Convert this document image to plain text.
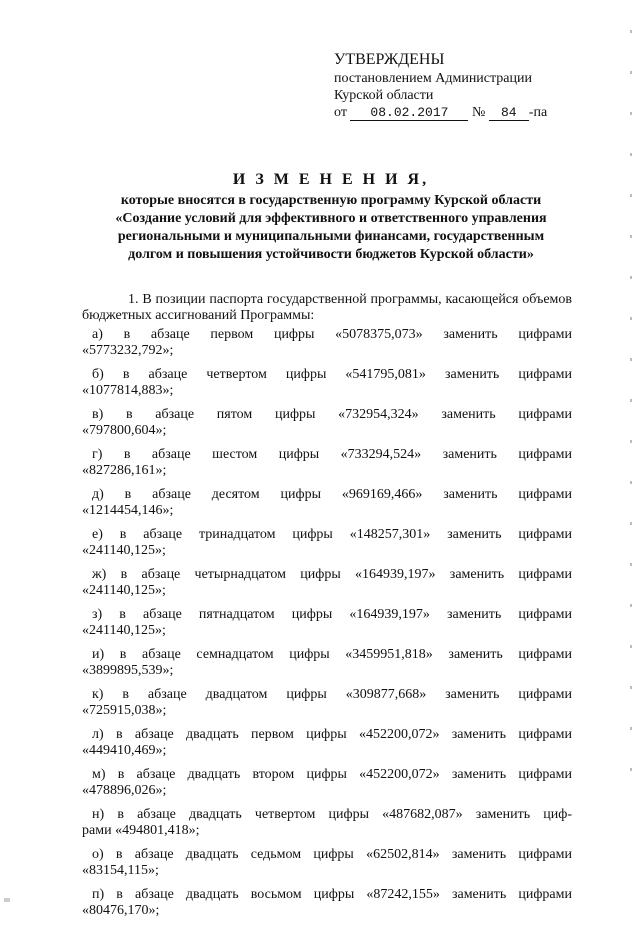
УТВЕРЖДЕНЫ
постановлением Администрации
Курской области
от 08.02.2017 № 84 -па
И З М Е Н Е Н И Я,
которые вносятся в государственную программу Курской области
«Создание условий для эффективного и ответственного управления
региональными и муниципальными финансами, государственным
долгом и повышения устойчивости бюджетов Курской области»

1. В позиции паспорта государственной программы, касающейся объемов бюджетных ассигнований Программы:

а) в абзаце первом цифры «5078375,073» заменить цифрами

«5773232,792»;

б) в абзаце четвертом цифры «541795,081» заменить цифрами

«1077814,883»;

в) в абзаце пятом цифры «732954,324» заменить цифрами

«797800,604»;

г) в абзаце шестом цифры «733294,524» заменить цифрами

«827286,161»;

д) в абзаце десятом цифры «969169,466» заменить цифрами

«1214454,146»;

е) в абзаце тринадцатом цифры «148257,301» заменить цифрами

«241140,125»;

ж) в абзаце четырнадцатом цифры «164939,197» заменить цифрами

«241140,125»;

з) в абзаце пятнадцатом цифры «164939,197» заменить цифрами

«241140,125»;

и) в абзаце семнадцатом цифры «3459951,818» заменить цифрами

«3899895,539»;

к) в абзаце двадцатом цифры «309877,668» заменить цифрами

«725915,038»;

л) в абзаце двадцать первом цифры «452200,072» заменить цифрами

«449410,469»;

м) в абзаце двадцать втором цифры «452200,072» заменить цифрами

«478896,026»;

н) в абзаце двадцать четвертом цифры «487682,087» заменить циф-

рами «494801,418»;

о) в абзаце двадцать седьмом цифры «62502,814» заменить цифрами

«83154,115»;

п) в абзаце двадцать восьмом цифры «87242,155» заменить цифрами

«80476,170»;
